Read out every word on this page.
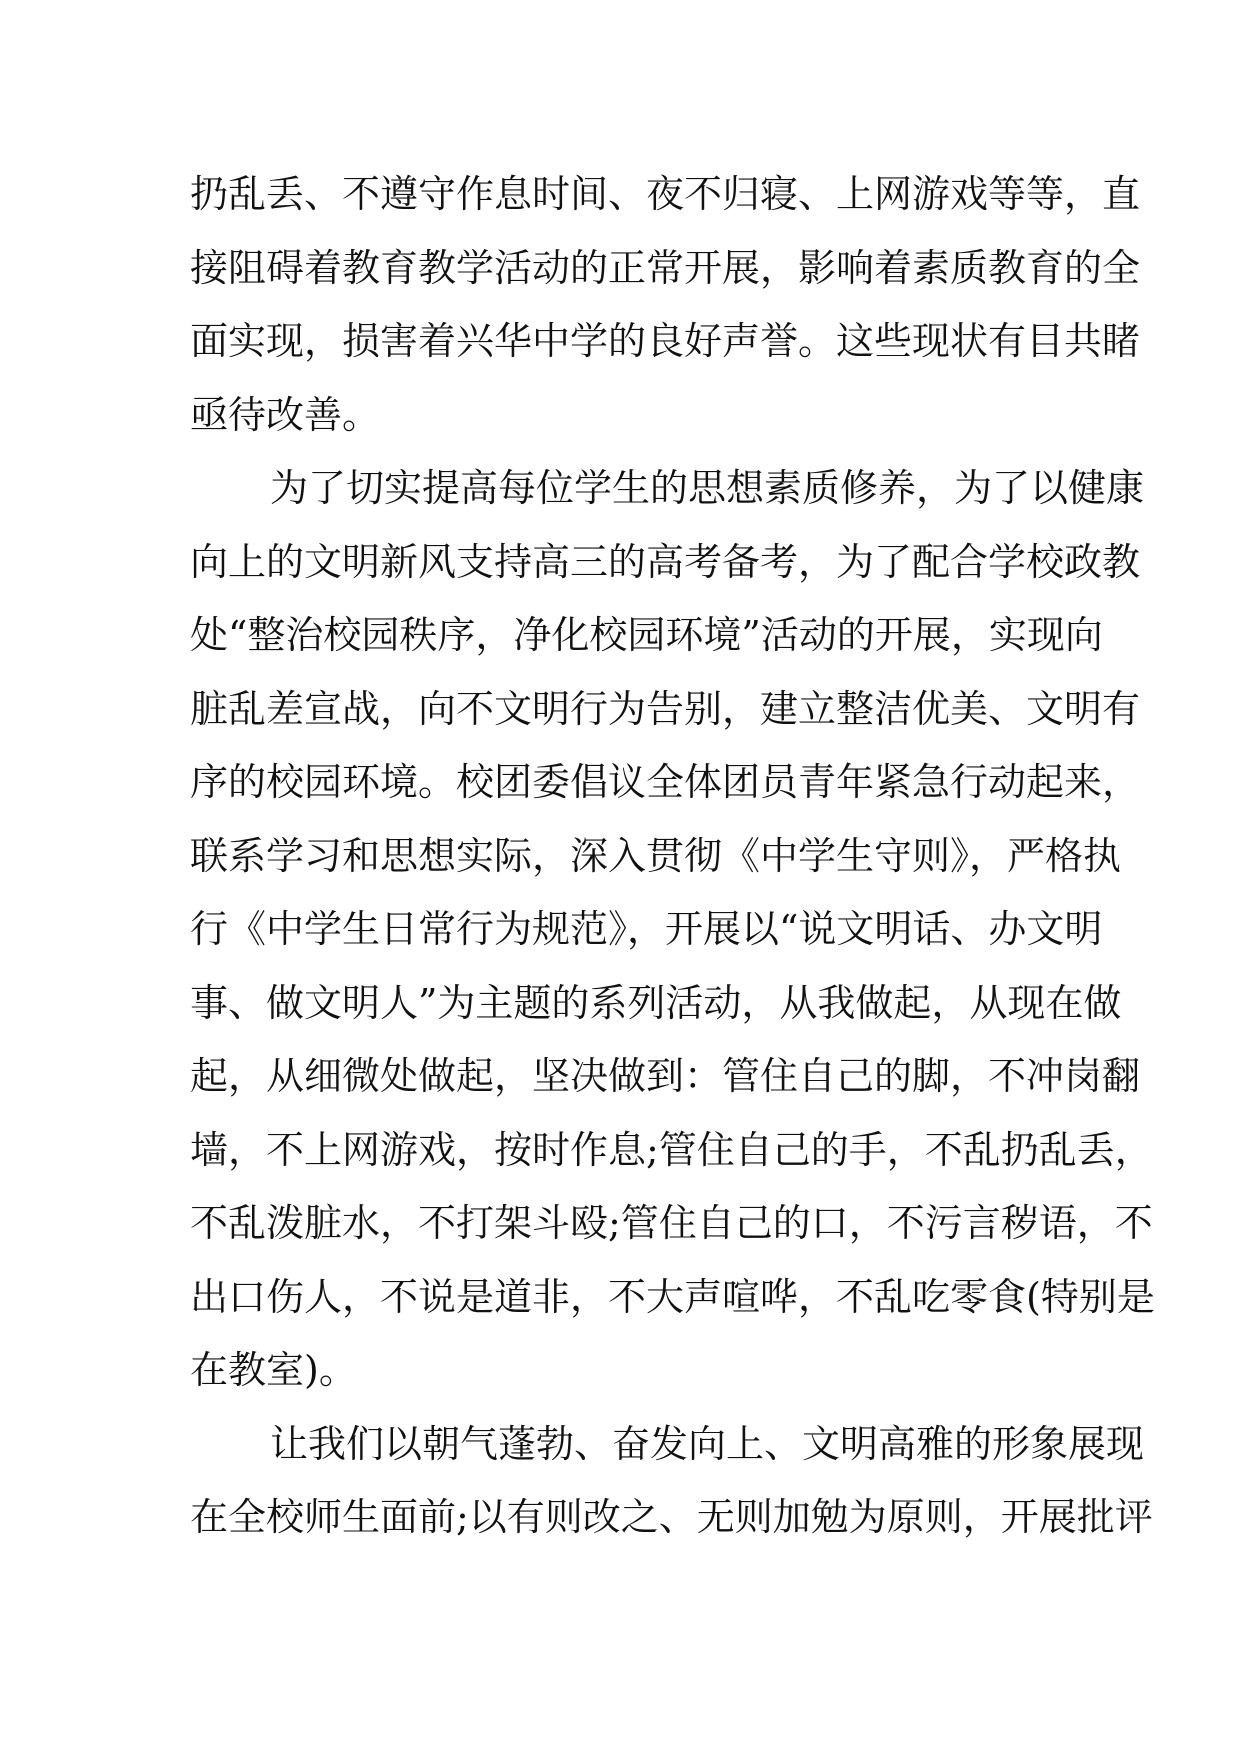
扔乱丢、不遵守作息时间、夜不归寝、上网游戏等等，直
接阻碍着教育教学活动的正常开展，影响着素质教育的全
面实现，损害着兴华中学的良好声誉。这些现状有目共睹
亟待改善。
为了切实提高每位学生的思想素质修养，为了以健康
向上的文明新风支持高三的高考备考，为了配合学校政教
处“整治校园秩序，净化校园环境”活动的开展，实现向
脏乱差宣战，向不文明行为告别，建立整洁优美、文明有
序的校园环境。校团委倡议全体团员青年紧急行动起来，
联系学习和思想实际，深入贯彻《中学生守则》，严格执
行《中学生日常行为规范》，开展以“说文明话、办文明
事、做文明人”为主题的系列活动，从我做起，从现在做
起，从细微处做起，坚决做到：管住自己的脚，不冲岗翻
墙，不上网游戏，按时作息;管住自己的手，不乱扔乱丢，
不乱泼脏水，不打架斗殴;管住自己的口，不污言秽语，不
出口伤人，不说是道非，不大声喧哗，不乱吃零食(特别是
在教室)。
让我们以朝气蓬勃、奋发向上、文明高雅的形象展现
在全校师生面前;以有则改之、无则加勉为原则，开展批评
